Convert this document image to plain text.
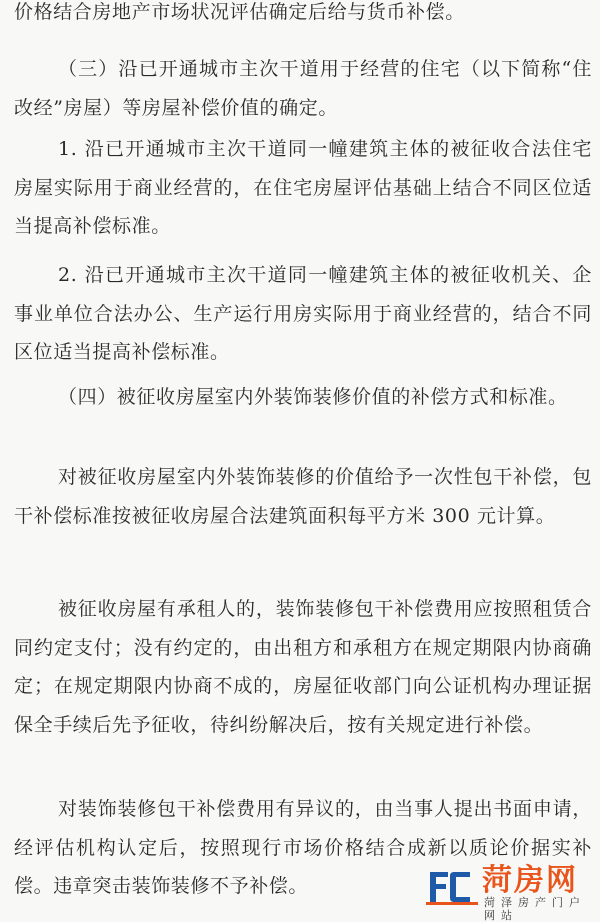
价格结合房地产市场状况评估确定后给与货币补偿。

（三）沿已开通城市主次干道用于经营的住宅（以下简称“住改经”房屋）等房屋补偿价值的确定。

1. 沿已开通城市主次干道同一幢建筑主体的被征收合法住宅房屋实际用于商业经营的，在住宅房屋评估基础上结合不同区位适当提高补偿标准。

2. 沿已开通城市主次干道同一幢建筑主体的被征收机关、企事业单位合法办公、生产运行用房实际用于商业经营的，结合不同区位适当提高补偿标准。

（四）被征收房屋室内外装饰装修价值的补偿方式和标准。

对被征收房屋室内外装饰装修的价值给予一次性包干补偿，包干补偿标准按被征收房屋合法建筑面积每平方米 300 元计算。

被征收房屋有承租人的，装饰装修包干补偿费用应按照租赁合同约定支付；没有约定的，由出租方和承租方在规定期限内协商确定；在规定期限内协商不成的，房屋征收部门向公证机构办理证据保全手续后先予征收，待纠纷解决后，按有关规定进行补偿。

对装饰装修包干补偿费用有异议的，由当事人提出书面申请，经评估机构认定后，按照现行市场价格结合成新以质论价据实补偿。违章突击装饰装修不予补偿。	菏房网
菏泽房产门户网站
